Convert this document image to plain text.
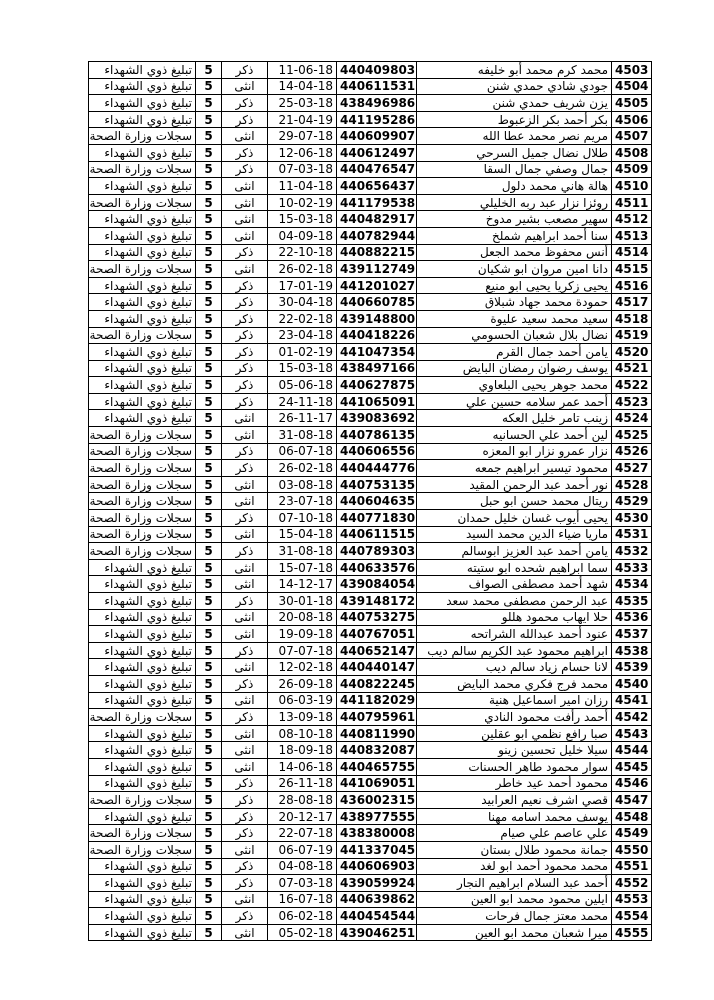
تبليغ ذوي الشهداء	5	ذكر	11-06-18	440409803	محمد كرم محمد أبو خليفه	4503
تبليغ ذوي الشهداء	5	انثى	14-04-18	440611531	جودي شادي حمدي شنن	4504
تبليغ ذوي الشهداء	5	ذكر	25-03-18	438496986	يزن شريف حمدي شنن	4505
تبليغ ذوي الشهداء	5	ذكر	21-04-19	441195286	بكر أحمد بكر الزعبوط	4506
سجلات وزارة الصحة	5	انثى	29-07-18	440609907	مريم نصر محمد عطا الله	4507
تبليغ ذوي الشهداء	5	ذكر	12-06-18	440612497	طلال نضال جميل السرحي	4508
سجلات وزارة الصحة	5	ذكر	07-03-18	440476547	جمال وصفي جمال السقا	4509
تبليغ ذوي الشهداء	5	انثى	11-04-18	440656437	هالة هاني محمد دلول	4510
سجلات وزارة الصحة	5	انثى	10-02-19	441179538	روئزا نزار عبد ربه الخليلي	4511
تبليغ ذوي الشهداء	5	انثى	15-03-18	440482917	سهير مصعب بشير مدوخ	4512
تبليغ ذوي الشهداء	5	انثى	04-09-18	440782944	سنا أحمد ابراهيم شملخ	4513
تبليغ ذوي الشهداء	5	ذكر	22-10-18	440882215	أنس محفوظ محمد الجعل	4514
سجلات وزارة الصحة	5	انثى	26-02-18	439112749	دانا امين مروان ابو شكيان	4515
تبليغ ذوي الشهداء	5	ذكر	17-01-19	441201027	يحيى زكريا يحيى ابو منيع	4516
تبليغ ذوي الشهداء	5	ذكر	30-04-18	440660785	حمودة محمد جهاد شبلاق	4517
تبليغ ذوي الشهداء	5	ذكر	22-02-18	439148800	سعيد محمد سعيد عليوة	4518
سجلات وزارة الصحة	5	ذكر	23-04-18	440418226	نضال بلال شعبان الحسومي	4519
تبليغ ذوي الشهداء	5	ذكر	01-02-19	441047354	يامن أحمد جمال القرم	4520
تبليغ ذوي الشهداء	5	ذكر	15-03-18	438497166	يوسف رضوان رمضان البايض	4521
تبليغ ذوي الشهداء	5	ذكر	05-06-18	440627875	محمد جوهر يحيى البلعاوي	4522
تبليغ ذوي الشهداء	5	ذكر	24-11-18	441065091	أحمد عمر سلامه حسين علي	4523
تبليغ ذوي الشهداء	5	انثى	26-11-17	439083692	زينب تامر خليل العكه	4524
سجلات وزارة الصحة	5	انثى	31-08-18	440786135	لين أحمد علي الحسانيه	4525
سجلات وزارة الصحة	5	ذكر	06-07-18	440606556	نزار عمرو نزار ابو المعزه	4526
سجلات وزارة الصحة	5	ذكر	26-02-18	440444776	محمود تيسير ابراهيم جمعه	4527
سجلات وزارة الصحة	5	انثى	03-08-18	440753135	نور أحمد عبد الرحمن المقيد	4528
سجلات وزارة الصحة	5	انثى	23-07-18	440604635	ريتال محمد حسن ابو حبل	4529
سجلات وزارة الصحة	5	ذكر	07-10-18	440771830	يحيى أيوب غسان خليل حمدان	4530
سجلات وزارة الصحة	5	انثى	15-04-18	440611515	ماريا ضياء الدين محمد السيد	4531
سجلات وزارة الصحة	5	ذكر	31-08-18	440789303	يامن أحمد عبد العزيز ابوسالم	4532
تبليغ ذوي الشهداء	5	انثى	15-07-18	440633576	سما ابراهيم شحده ابو ستيته	4533
تبليغ ذوي الشهداء	5	انثى	14-12-17	439084054	شهد أحمد مصطفى الصواف	4534
تبليغ ذوي الشهداء	5	ذكر	30-01-18	439148172	عبد الرحمن مصطفى محمد سعد	4535
تبليغ ذوي الشهداء	5	انثى	20-08-18	440753275	حلا ايهاب محمود هللو	4536
تبليغ ذوي الشهداء	5	انثى	19-09-18	440767051	عنود أحمد عبدالله الشراتحه	4537
تبليغ ذوي الشهداء	5	ذكر	07-07-18	440652147	ابراهيم محمود عبد الكريم سالم ديب	4538
تبليغ ذوي الشهداء	5	انثى	12-02-18	440440147	لانا حسام زياد سالم ديب	4539
تبليغ ذوي الشهداء	5	ذكر	26-09-18	440822245	محمد فرج فكري محمد البايض	4540
تبليغ ذوي الشهداء	5	انثى	06-03-19	441182029	رزان امير اسماعيل هنية	4541
سجلات وزارة الصحة	5	ذكر	13-09-18	440795961	أحمد رأفت محمود النادي	4542
تبليغ ذوي الشهداء	5	انثى	08-10-18	440811990	صبا رافع نظمي ابو عقلين	4543
تبليغ ذوي الشهداء	5	انثى	18-09-18	440832087	سيلا خليل تحسين زينو	4544
تبليغ ذوي الشهداء	5	انثى	14-06-18	440465755	سوار محمود طاهر الحسنات	4545
تبليغ ذوي الشهداء	5	ذكر	26-11-18	441069051	محمود أحمد عيد خاطر	4546
سجلات وزارة الصحة	5	ذكر	28-08-18	436002315	قصي اشرف نعيم العرابيد	4547
تبليغ ذوي الشهداء	5	ذكر	20-12-17	438977555	يوسف محمد اسامه مهنا	4548
سجلات وزارة الصحة	5	ذكر	22-07-18	438380008	علي عاصم علي صيام	4549
سجلات وزارة الصحة	5	انثى	06-07-19	441337045	جمانة محمود طلال بستان	4550
تبليغ ذوي الشهداء	5	ذكر	04-08-18	440606903	محمد محمود أحمد ابو لغد	4551
تبليغ ذوي الشهداء	5	ذكر	07-03-18	439059924	أحمد عبد السلام ابراهيم النجار	4552
تبليغ ذوي الشهداء	5	انثى	16-07-18	440639862	ايلين محمود محمد ابو العين	4553
تبليغ ذوي الشهداء	5	ذكر	06-02-18	440454544	محمد معتز جمال فرحات	4554
تبليغ ذوي الشهداء	5	انثى	05-02-18	439046251	ميرا شعبان محمد ابو العين	4555
